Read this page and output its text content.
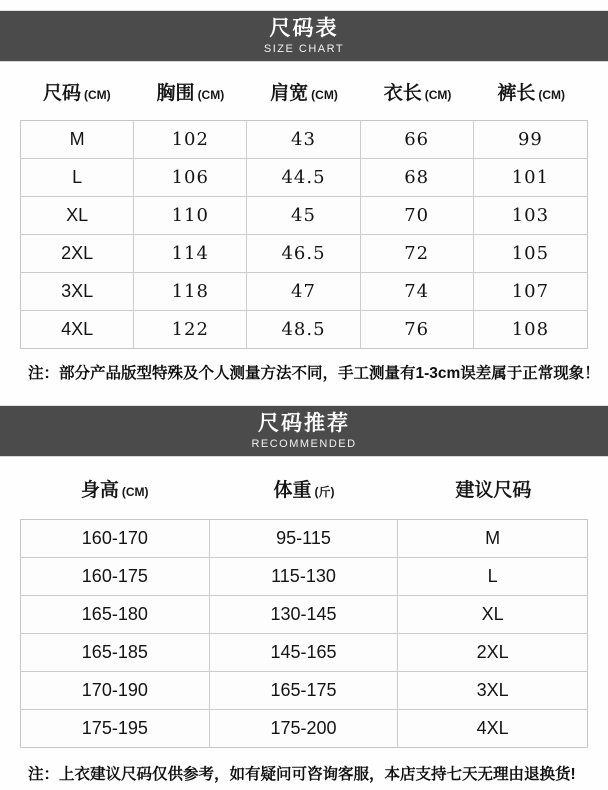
尺码表
SIZE CHART
尺码 (CM) 胸围 (CM) 肩宽 (CM) 衣长 (CM) 裤长 (CM)
M	102	43	66	99
L	106	44.5	68	101
XL	110	45	70	103
2XL	114	46.5	72	105
3XL	118	47	74	107
4XL	122	48.5	76	108
注：部分产品版型特殊及个人测量方法不同，手工测量有1-3cm误差属于正常现象！
尺码推荐
RECOMMENDED
身高 (CM)	体重 (斤)	建议尺码
160-170	95-115	M
160-175	115-130	L
165-180	130-145	XL
165-185	145-165	2XL
170-190	165-175	3XL
175-195	175-200	4XL
注：上衣建议尺码仅供参考，如有疑问可咨询客服，本店支持七天无理由退换货!
